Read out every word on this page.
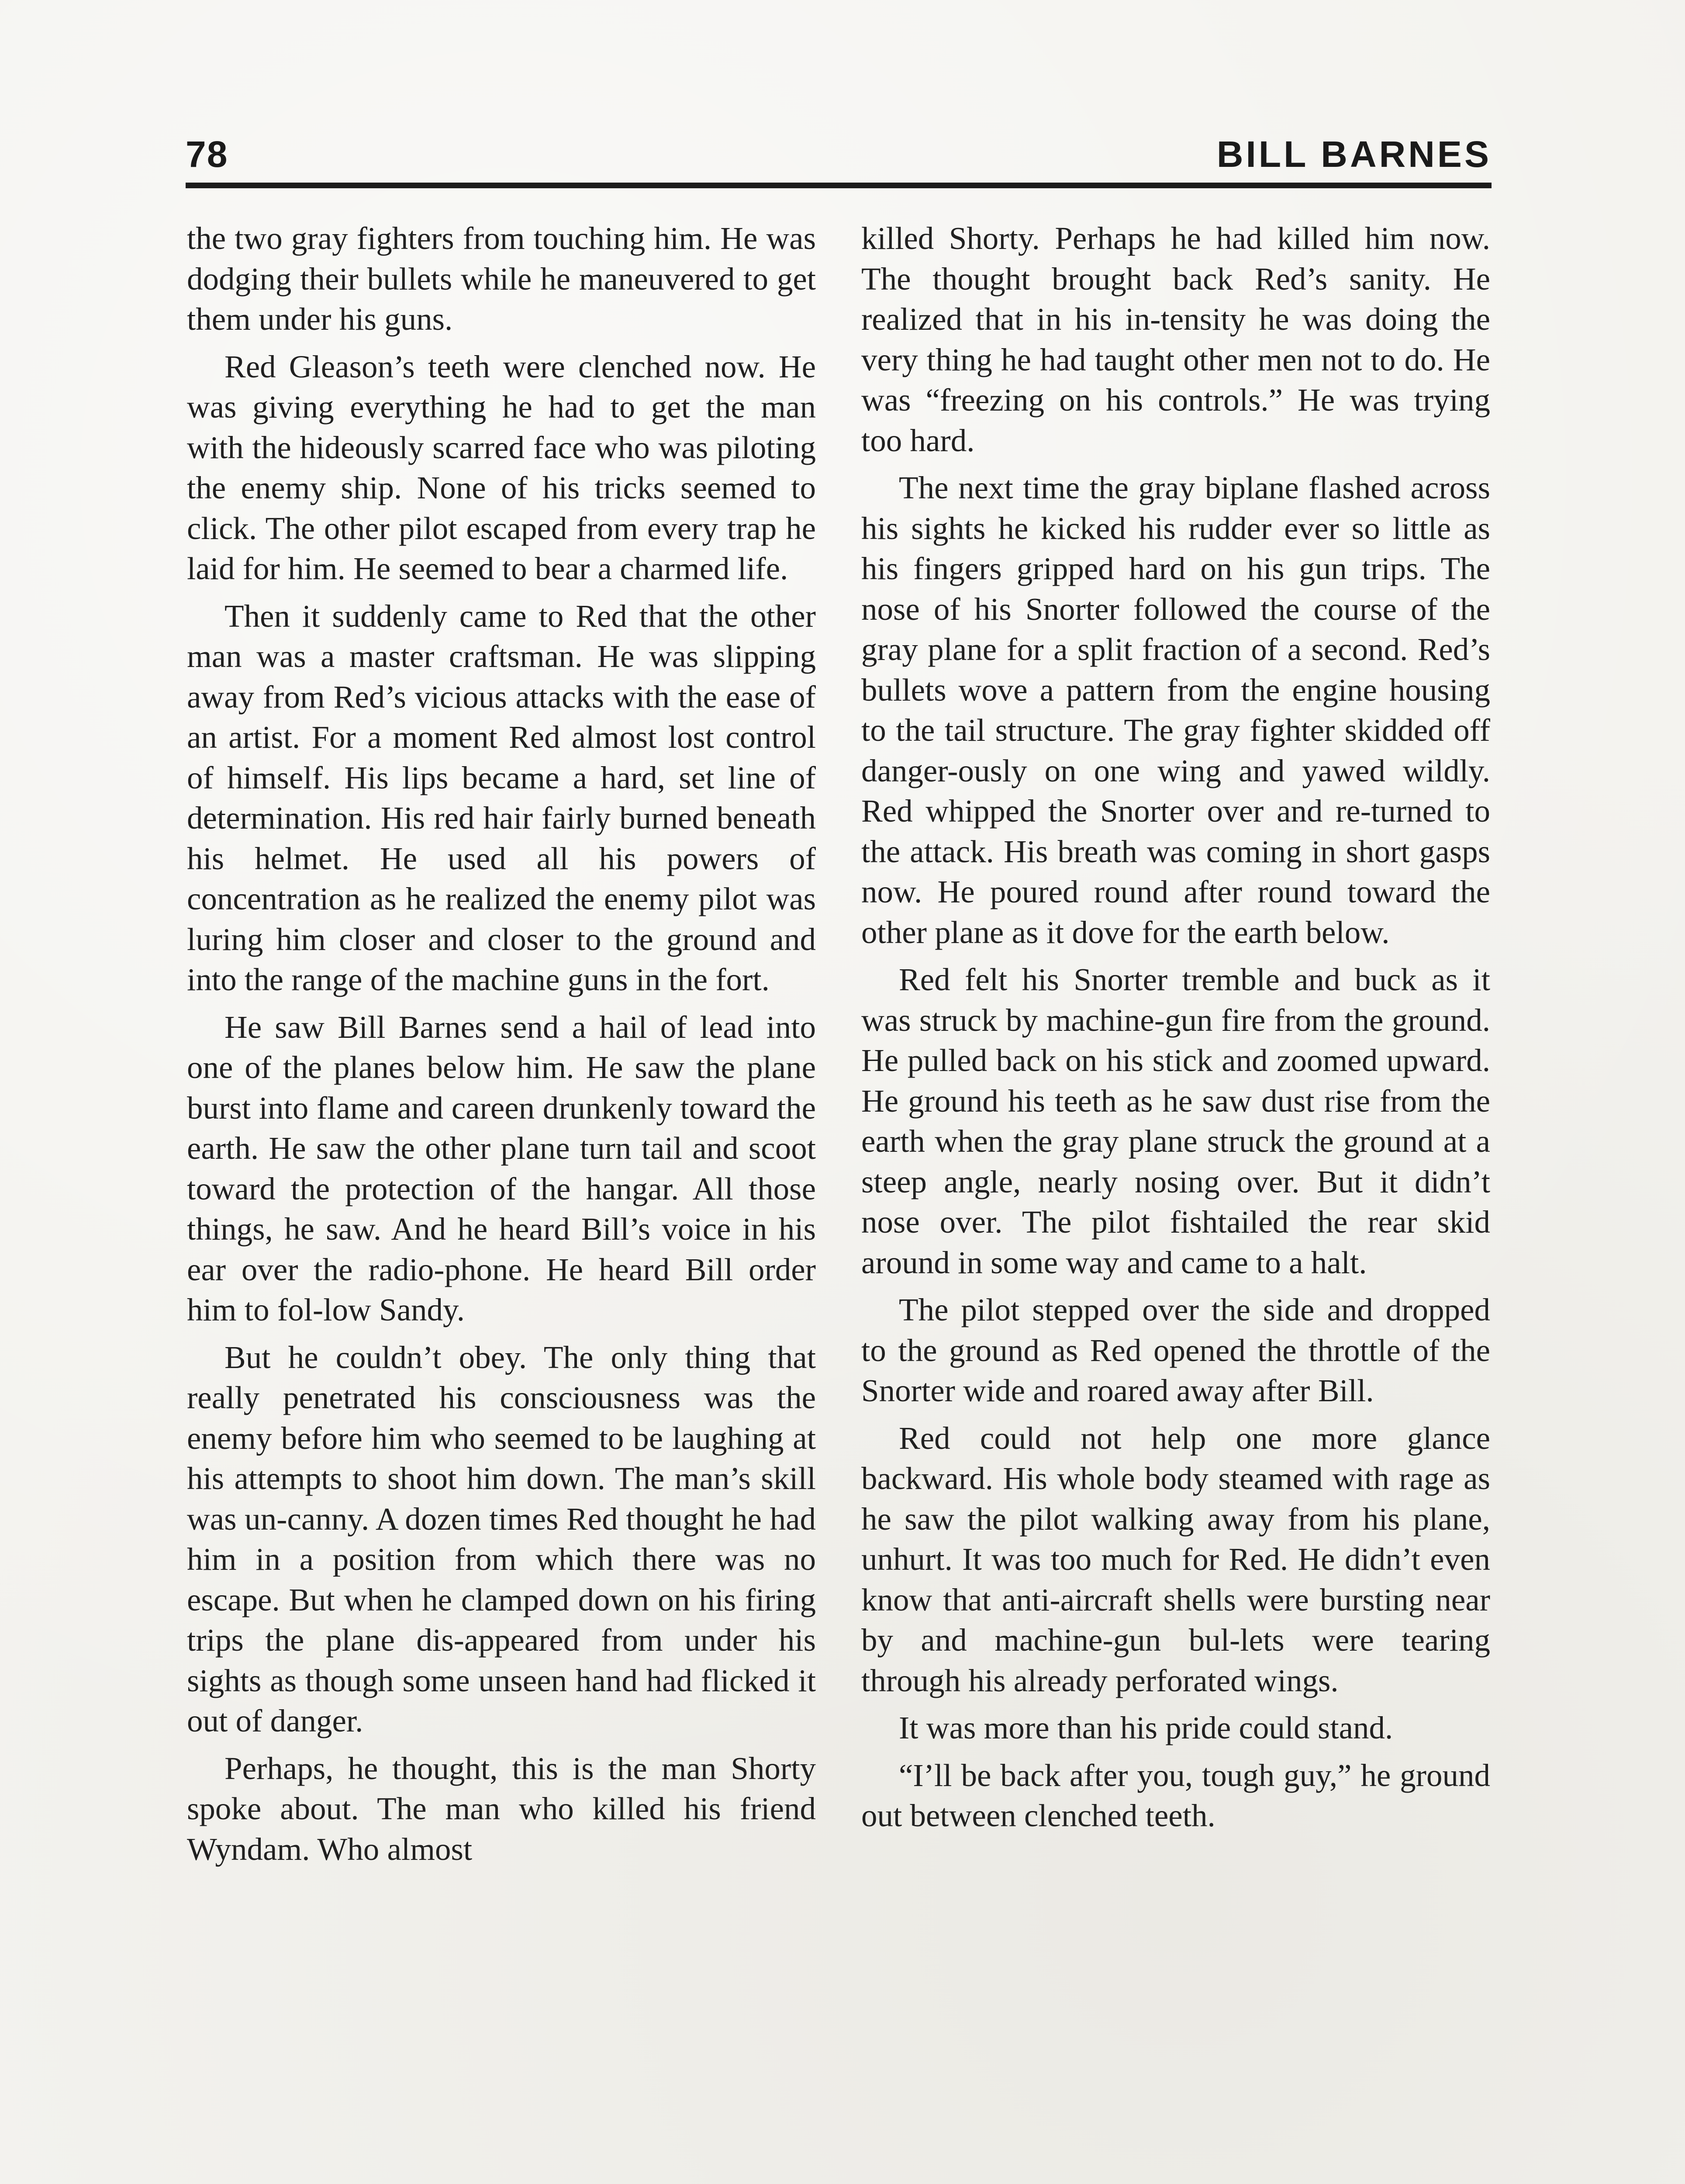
78	BILL BARNES

the two gray fighters from touching him. He was dodging their bullets while he maneuvered to get them under his guns.

Red Gleason’s teeth were clenched now. He was giving everything he had to get the man with the hideously scarred face who was piloting the enemy ship. None of his tricks seemed to click. The other pilot escaped from every trap he laid for him. He seemed to bear a charmed life.

Then it suddenly came to Red that the other man was a master craftsman. He was slipping away from Red’s vicious attacks with the ease of an artist. For a moment Red almost lost control of himself. His lips became a hard, set line of determination. His red hair fairly burned beneath his helmet. He used all his powers of concentration as he realized the enemy pilot was luring him closer and closer to the ground and into the range of the machine guns in the fort.

He saw Bill Barnes send a hail of lead into one of the planes below him. He saw the plane burst into flame and careen drunkenly toward the earth. He saw the other plane turn tail and scoot toward the protection of the hangar. All those things, he saw. And he heard Bill’s voice in his ear over the radio-phone. He heard Bill order him to fol-low Sandy.

But he couldn’t obey. The only thing that really penetrated his consciousness was the enemy before him who seemed to be laughing at his attempts to shoot him down. The man’s skill was un-canny. A dozen times Red thought he had him in a position from which there was no escape. But when he clamped down on his firing trips the plane dis-appeared from under his sights as though some unseen hand had flicked it out of danger.

Perhaps, he thought, this is the man Shorty spoke about. The man who killed his friend Wyndam. Who almost

killed Shorty. Perhaps he had killed him now. The thought brought back Red’s sanity. He realized that in his in-tensity he was doing the very thing he had taught other men not to do. He was “freezing on his controls.” He was trying too hard.

The next time the gray biplane flashed across his sights he kicked his rudder ever so little as his fingers gripped hard on his gun trips. The nose of his Snorter followed the course of the gray plane for a split fraction of a second. Red’s bullets wove a pattern from the engine housing to the tail structure. The gray fighter skidded off danger-ously on one wing and yawed wildly. Red whipped the Snorter over and re-turned to the attack. His breath was coming in short gasps now. He poured round after round toward the other plane as it dove for the earth below.

Red felt his Snorter tremble and buck as it was struck by machine-gun fire from the ground. He pulled back on his stick and zoomed upward. He ground his teeth as he saw dust rise from the earth when the gray plane struck the ground at a steep angle, nearly nosing over. But it didn’t nose over. The pilot fishtailed the rear skid around in some way and came to a halt.

The pilot stepped over the side and dropped to the ground as Red opened the throttle of the Snorter wide and roared away after Bill.

Red could not help one more glance backward. His whole body steamed with rage as he saw the pilot walking away from his plane, unhurt. It was too much for Red. He didn’t even know that anti-aircraft shells were bursting near by and machine-gun bul-lets were tearing through his already perforated wings.

It was more than his pride could stand.

“I’ll be back after you, tough guy,” he ground out between clenched teeth.
